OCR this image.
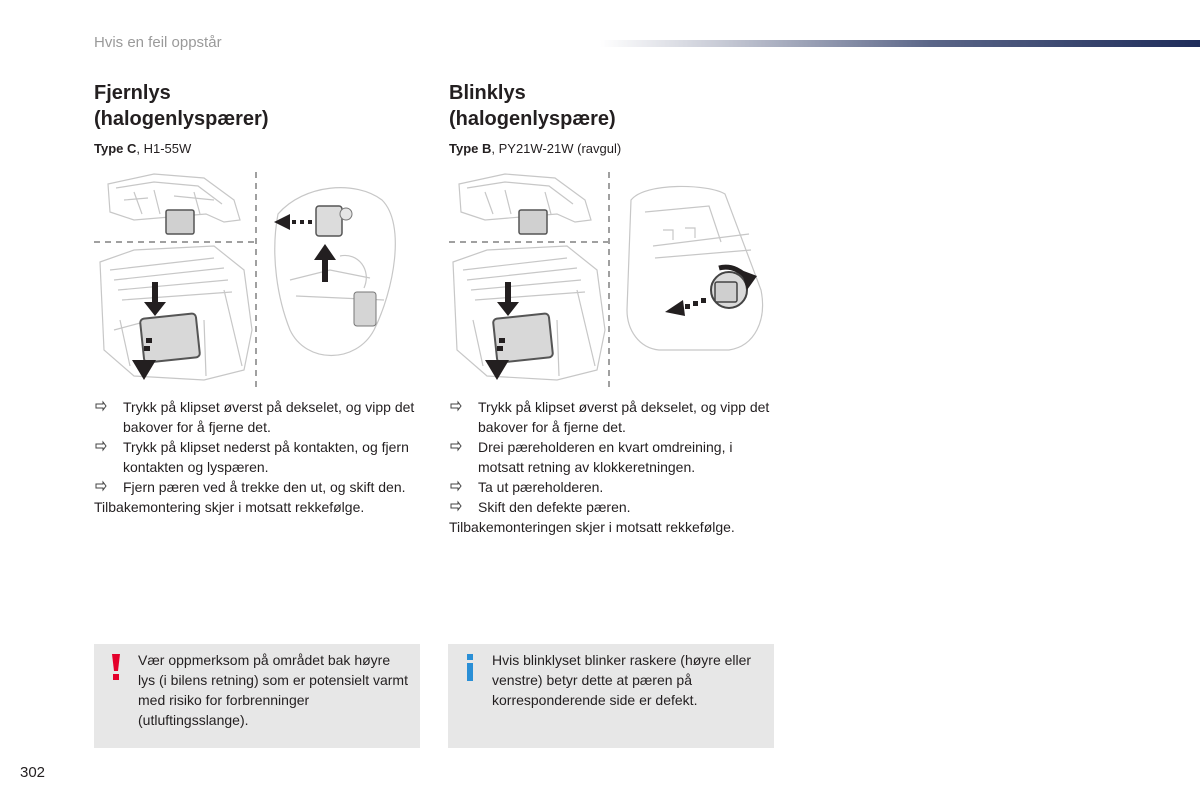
Hvis en feil oppstår
Fjernlys
(halogenlyspærer)
Type C, H1-55W
Blinklys
(halogenlyspære)
Type B, PY21W-21W (ravgul)
Trykk på klipset øverst på dekselet, og vipp det bakover for å fjerne det.
Trykk på klipset nederst på kontakten, og fjern kontakten og lyspæren.
Fjern pæren ved å trekke den ut, og skift den.
Tilbakemontering skjer i motsatt rekkefølge.
Trykk på klipset øverst på dekselet, og vipp det bakover for å fjerne det.
Drei pæreholderen en kvart omdreining, i motsatt retning av klokkeretningen.
Ta ut pæreholderen.
Skift den defekte pæren.
Tilbakemonteringen skjer i motsatt rekkefølge.
Vær oppmerksom på området bak høyre lys (i bilens retning) som er potensielt varmt med risiko for forbrenninger (utluftingsslange).
Hvis blinklyset blinker raskere (høyre eller venstre) betyr dette at pæren på korresponderende side er defekt.
302
